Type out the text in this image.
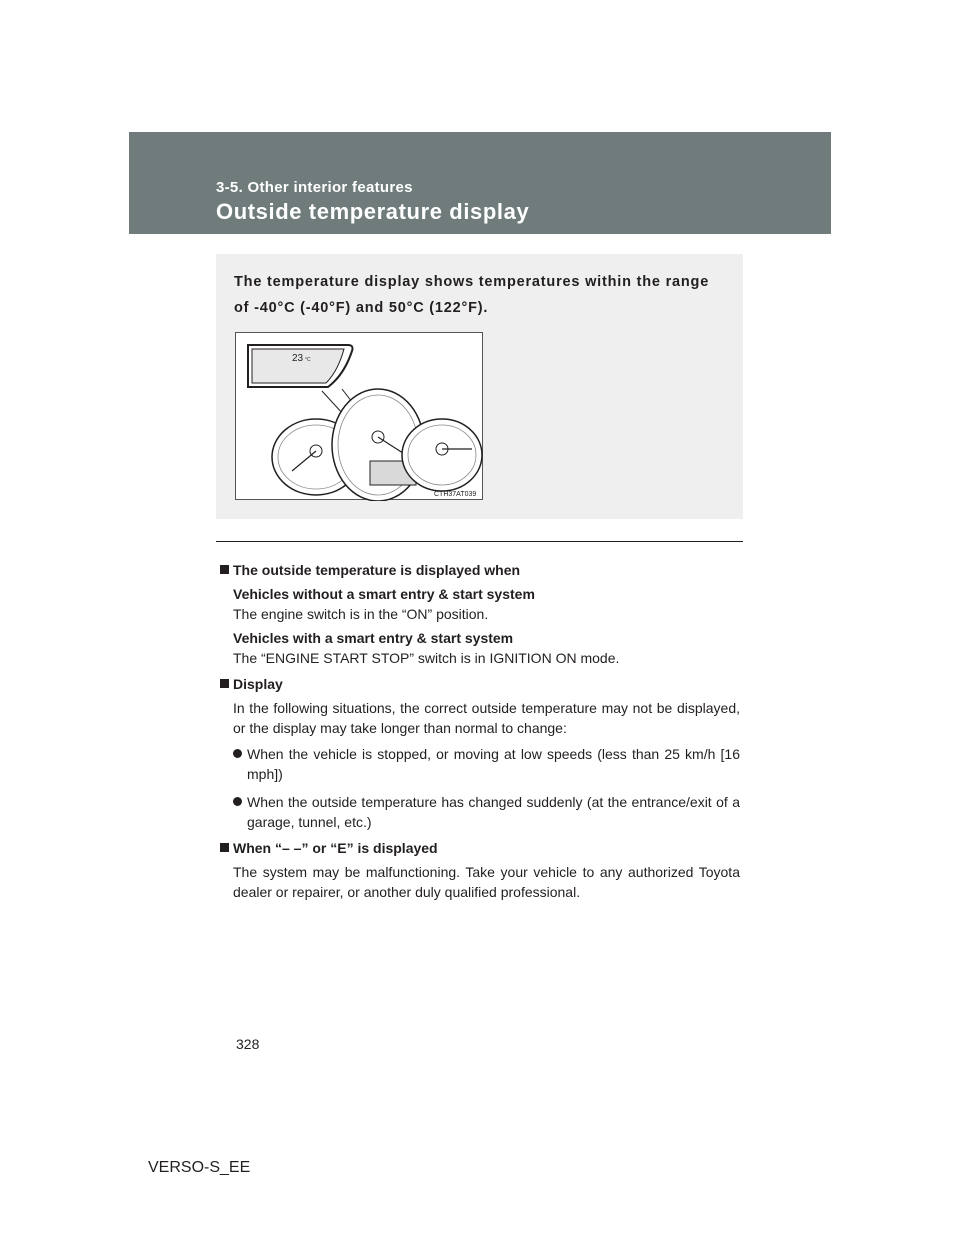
3-5. Other interior features
Outside temperature display
The temperature display shows temperatures within the range of -40°C (-40°F) and 50°C (122°F).
23 °C
CTH37AT039
The outside temperature is displayed when
Vehicles without a smart entry & start system
The engine switch is in the “ON” position.
Vehicles with a smart entry & start system
The “ENGINE START STOP” switch is in IGNITION ON mode.
Display
In the following situations, the correct outside temperature may not be displayed, or the display may take longer than normal to change:
When the vehicle is stopped, or moving at low speeds (less than 25 km/h [16 mph])
When the outside temperature has changed suddenly (at the entrance/exit of a garage, tunnel, etc.)
When “– –” or “E” is displayed
The system may be malfunctioning. Take your vehicle to any authorized Toyota dealer or repairer, or another duly qualified professional.
328
VERSO-S_EE
